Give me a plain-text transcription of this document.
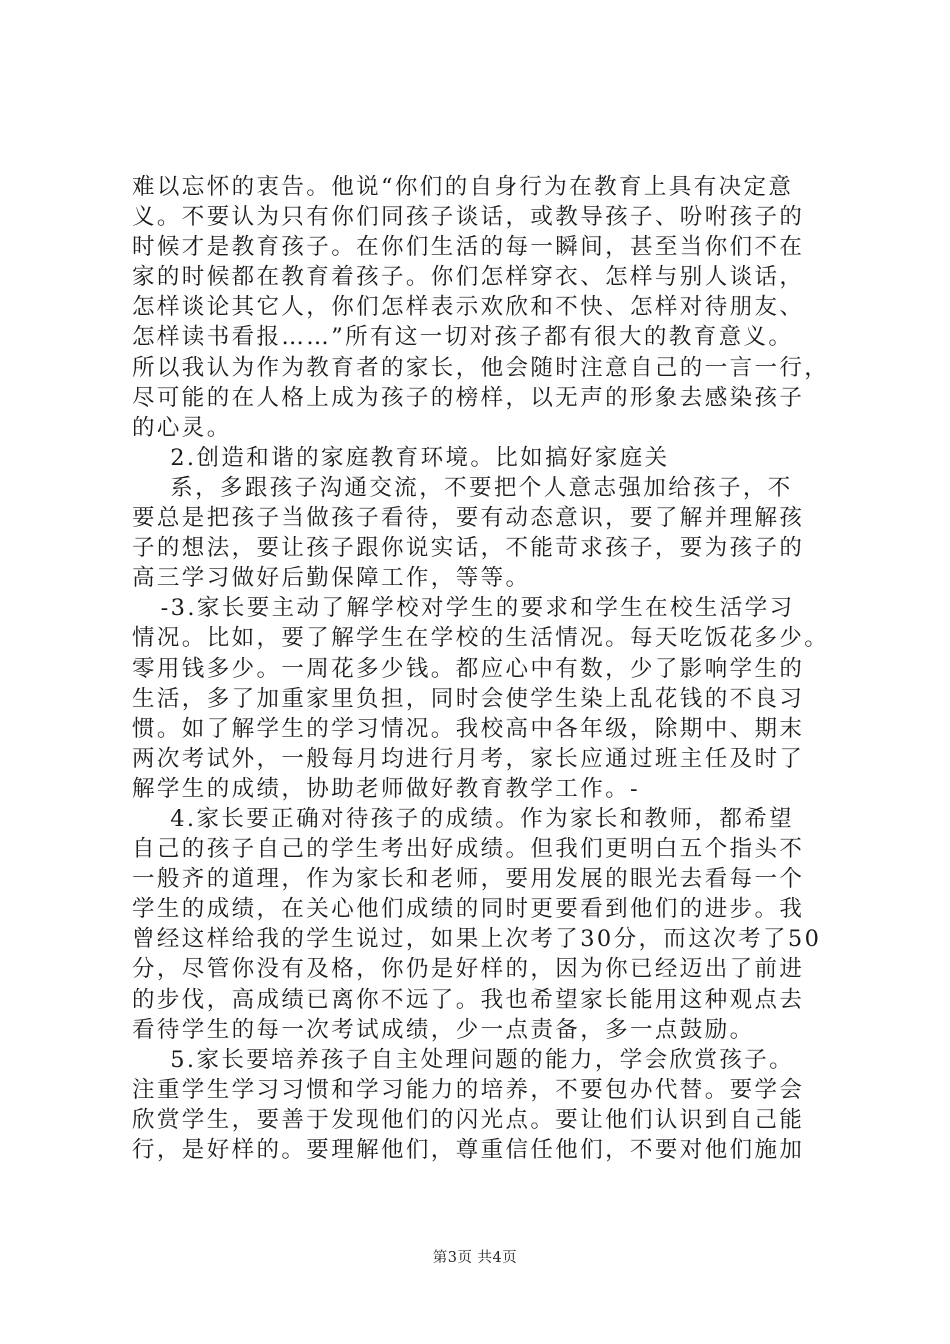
难以忘怀的衷告。他说“你们的自身行为在教育上具有决定意
义。不要认为只有你们同孩子谈话，或教导孩子、吩咐孩子的
时候才是教育孩子。在你们生活的每一瞬间，甚至当你们不在
家的时候都在教育着孩子。你们怎样穿衣、怎样与别人谈话，
怎样谈论其它人，你们怎样表示欢欣和不快、怎样对待朋友、
怎样读书看报……”所有这一切对孩子都有很大的教育意义。
所以我认为作为教育者的家长，他会随时注意自己的一言一行，
尽可能的在人格上成为孩子的榜样，以无声的形象去感染孩子
的心灵。
2.创造和谐的家庭教育环境。比如搞好家庭关
系，多跟孩子沟通交流，不要把个人意志强加给孩子，不
要总是把孩子当做孩子看待，要有动态意识，要了解并理解孩
子的想法，要让孩子跟你说实话，不能苛求孩子，要为孩子的
高三学习做好后勤保障工作，等等。
-3.家长要主动了解学校对学生的要求和学生在校生活学习
情况。比如，要了解学生在学校的生活情况。每天吃饭花多少。
零用钱多少。一周花多少钱。都应心中有数，少了影响学生的
生活，多了加重家里负担，同时会使学生染上乱花钱的不良习
惯。如了解学生的学习情况。我校高中各年级，除期中、期末
两次考试外，一般每月均进行月考，家长应通过班主任及时了
解学生的成绩，协助老师做好教育教学工作。-
4.家长要正确对待孩子的成绩。作为家长和教师，都希望
自己的孩子自己的学生考出好成绩。但我们更明白五个指头不
一般齐的道理，作为家长和老师，要用发展的眼光去看每一个
学生的成绩，在关心他们成绩的同时更要看到他们的进步。我
曾经这样给我的学生说过，如果上次考了30分，而这次考了50
分，尽管你没有及格，你仍是好样的，因为你已经迈出了前进
的步伐，高成绩已离你不远了。我也希望家长能用这种观点去
看待学生的每一次考试成绩，少一点责备，多一点鼓励。
5.家长要培养孩子自主处理问题的能力，学会欣赏孩子。
注重学生学习习惯和学习能力的培养，不要包办代替。要学会
欣赏学生，要善于发现他们的闪光点。要让他们认识到自己能
行，是好样的。要理解他们，尊重信任他们，不要对他们施加
第3页 共4页
